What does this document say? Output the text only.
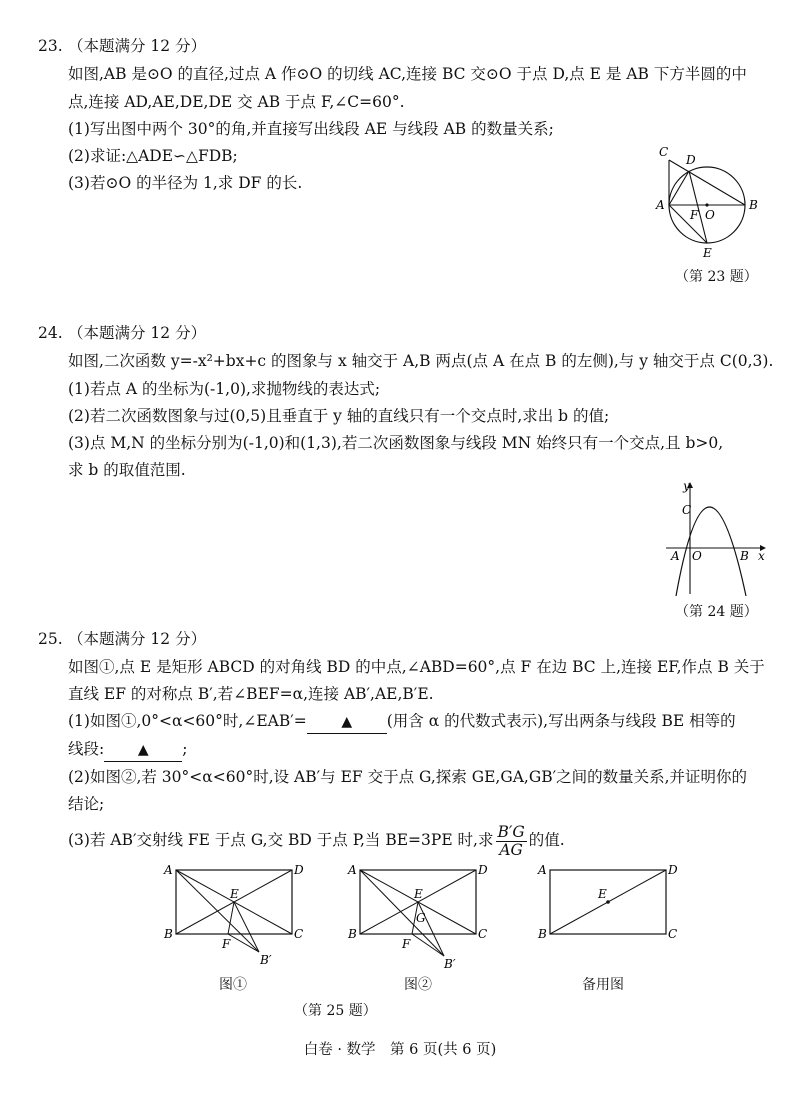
23. （本题满分 12 分）
如图,AB 是⊙O 的直径,过点 A 作⊙O 的切线 AC,连接 BC 交⊙O 于点 D,点 E 是 AB 下方半圆的中
点,连接 AD,AE,DE,DE 交 AB 于点 F,∠C=60°.
(1)写出图中两个 30°的角,并直接写出线段 AE 与线段 AB 的数量关系;
(2)求证:△ADE∽△FDB;
(3)若⊙O 的半径为 1,求 DF 的长.
C
D
A
F O
B
E
（第 23 题）
24. （本题满分 12 分）
如图,二次函数 y=-x²+bx+c 的图象与 x 轴交于 A,B 两点(点 A 在点 B 的左侧),与 y 轴交于点 C(0,3).
(1)若点 A 的坐标为(-1,0),求抛物线的表达式;
(2)若二次函数图象与过(0,5)且垂直于 y 轴的直线只有一个交点时,求出 b 的值;
(3)点 M,N 的坐标分别为(-1,0)和(1,3),若二次函数图象与线段 MN 始终只有一个交点,且 b>0,
求 b 的取值范围.
y
C
A O	B x
（第 24 题）
25. （本题满分 12 分）
如图①,点 E 是矩形 ABCD 的对角线 BD 的中点,∠ABD=60°,点 F 在边 BC 上,连接 EF,作点 B 关于
直线 EF 的对称点 B′,若∠BEF=α,连接 AB′,AE,B′E.
(1)如图①,0°<α<60°时,∠EAB′= ▲ (用含 α 的代数式表示),写出两条与线段 BE 相等的
线段: ▲ ;
(2)如图②,若 30°<α<60°时,设 AB′与 EF 交于点 G,探索 GE,GA,GB′之间的数量关系,并证明你的
结论;
(3)若 AB′交射线 FE 于点 G,交 BD 于点 P,当 BE=3PE 时,求 $\frac{B'G}{AG}$ 的值.
A	D
E
B
F
C
B′
图①
A	D
E
G
B
F
C
B′
图②
A	D
E
B	C
备用图
（第 25 题）
白卷 · 数学　第 6 页(共 6 页)
